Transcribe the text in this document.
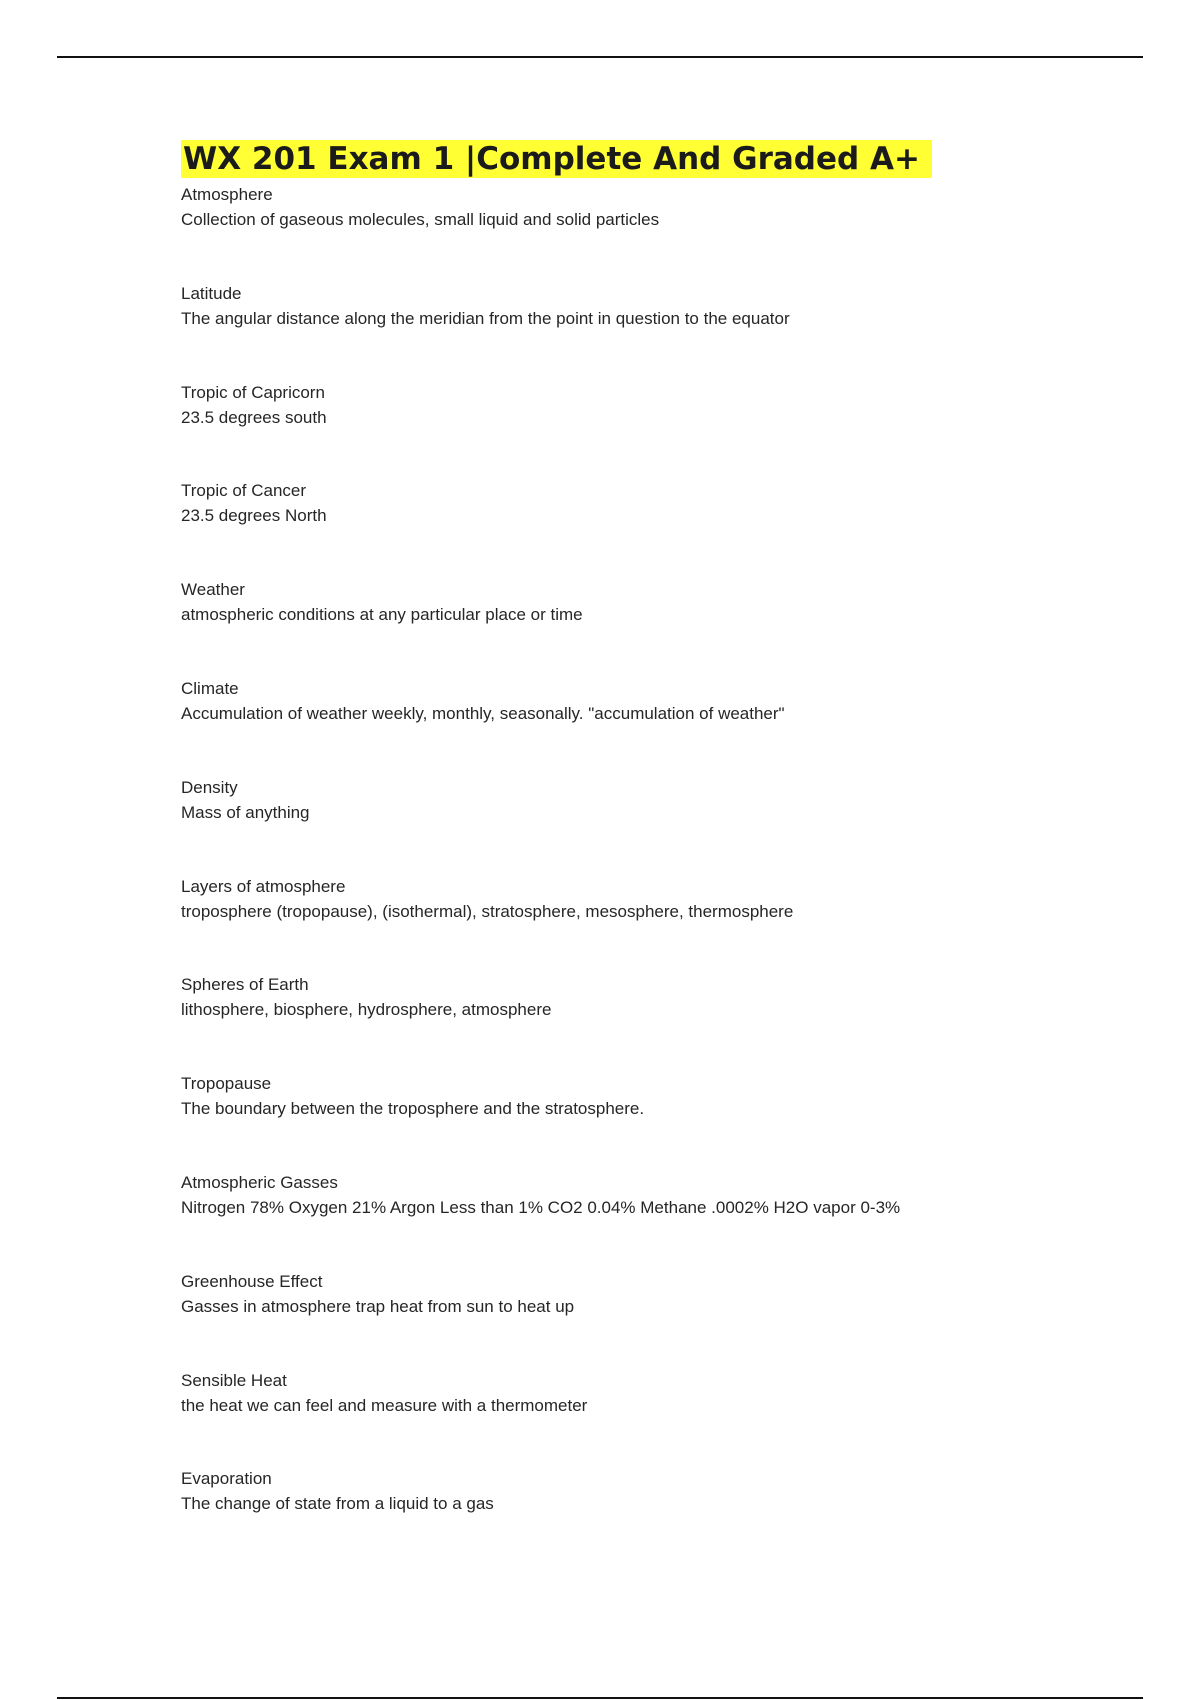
WX 201 Exam 1 |Complete And Graded A+
Atmosphere
Collection of gaseous molecules, small liquid and solid particles
Latitude
The angular distance along the meridian from the point in question to the equator
Tropic of Capricorn
23.5 degrees south
Tropic of Cancer
23.5 degrees North
Weather
atmospheric conditions at any particular place or time
Climate
Accumulation of weather weekly, monthly, seasonally. "accumulation of weather"
Density
Mass of anything
Layers of atmosphere
troposphere (tropopause), (isothermal), stratosphere, mesosphere, thermosphere
Spheres of Earth
lithosphere, biosphere, hydrosphere, atmosphere
Tropopause
The boundary between the troposphere and the stratosphere.
Atmospheric Gasses
Nitrogen 78% Oxygen 21% Argon Less than 1% CO2 0.04% Methane .0002% H2O vapor 0-3%
Greenhouse Effect
Gasses in atmosphere trap heat from sun to heat up
Sensible Heat
the heat we can feel and measure with a thermometer
Evaporation
The change of state from a liquid to a gas
